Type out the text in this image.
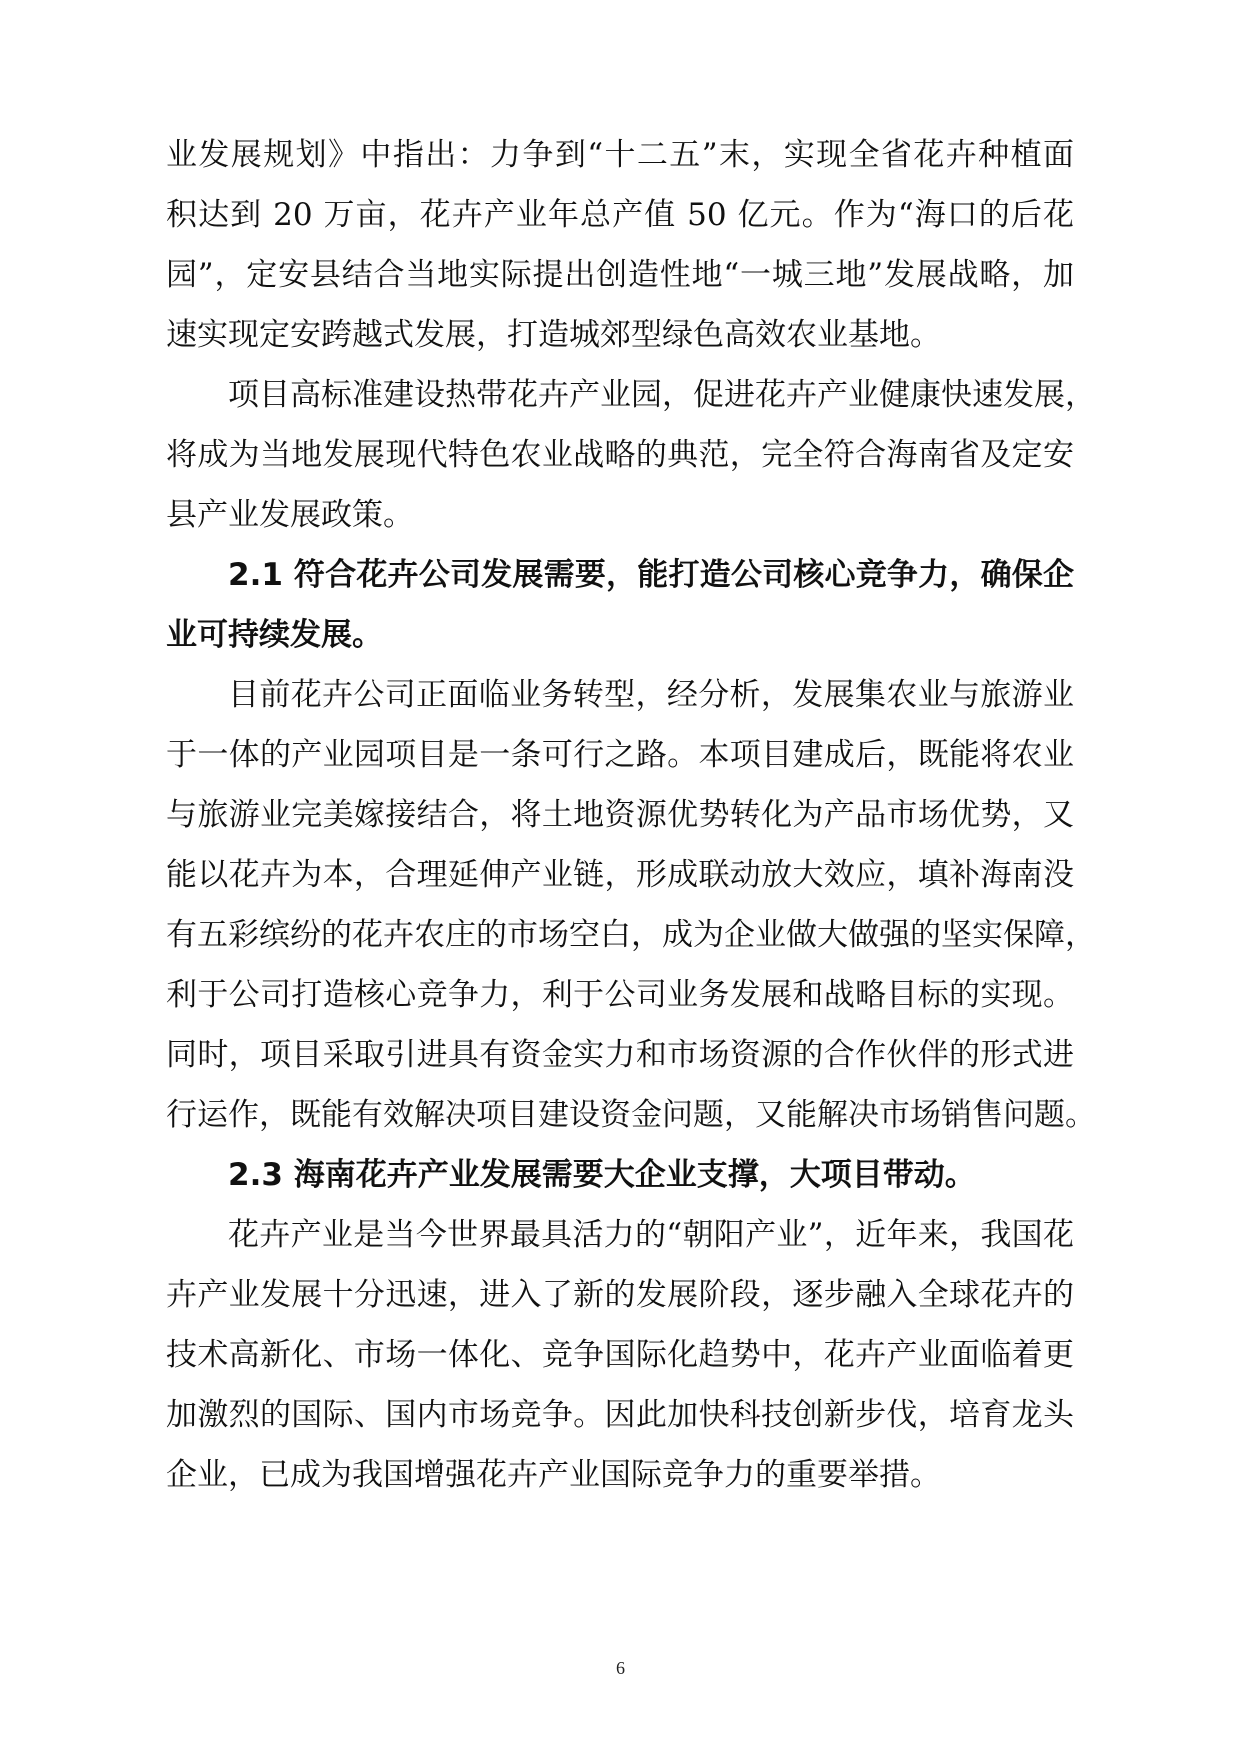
业发展规划》中指出：力争到“十二五”末，实现全省花卉种植面
积达到 20 万亩，花卉产业年总产值 50 亿元。作为“海口的后花
园”，定安县结合当地实际提出创造性地“一城三地”发展战略，加
速实现定安跨越式发展，打造城郊型绿色高效农业基地。
项目高标准建设热带花卉产业园，促进花卉产业健康快速发展，
将成为当地发展现代特色农业战略的典范，完全符合海南省及定安
县产业发展政策。
2.1 符合花卉公司发展需要，能打造公司核心竞争力，确保企
业可持续发展。
目前花卉公司正面临业务转型，经分析，发展集农业与旅游业
于一体的产业园项目是一条可行之路。本项目建成后，既能将农业
与旅游业完美嫁接结合，将土地资源优势转化为产品市场优势，又
能以花卉为本，合理延伸产业链，形成联动放大效应，填补海南没
有五彩缤纷的花卉农庄的市场空白，成为企业做大做强的坚实保障，
利于公司打造核心竞争力，利于公司业务发展和战略目标的实现。
同时，项目采取引进具有资金实力和市场资源的合作伙伴的形式进
行运作，既能有效解决项目建设资金问题，又能解决市场销售问题。
2.3 海南花卉产业发展需要大企业支撑，大项目带动。
花卉产业是当今世界最具活力的“朝阳产业”，近年来，我国花
卉产业发展十分迅速，进入了新的发展阶段，逐步融入全球花卉的
技术高新化、市场一体化、竞争国际化趋势中，花卉产业面临着更
加激烈的国际、国内市场竞争。因此加快科技创新步伐，培育龙头
企业，已成为我国增强花卉产业国际竞争力的重要举措。
6
